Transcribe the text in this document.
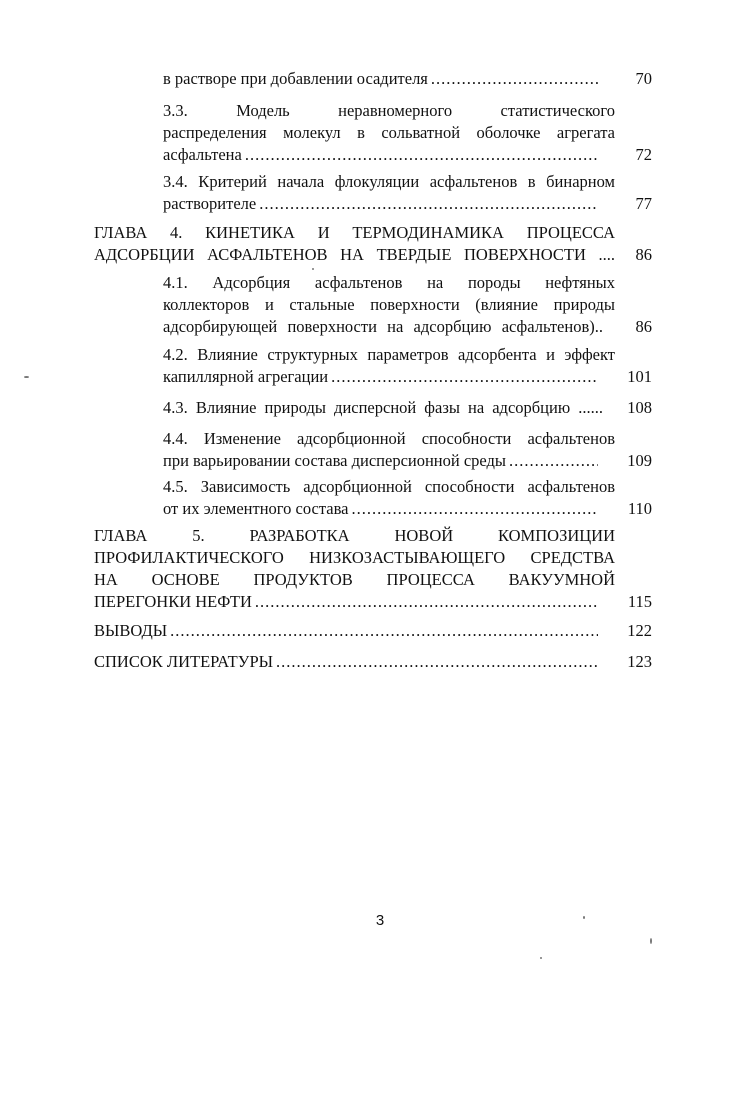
в растворе при добавлении осадителя .....	70
3.3. Модель неравномерного статистического
распределения молекул в сольватной оболочке агрегата
асфальтена .....	72
3.4. Критерий начала флокуляции асфальтенов в бинарном
растворителе .....	77
ГЛАВА 4. КИНЕТИКА И ТЕРМОДИНАМИКА ПРОЦЕССА
АДСОРБЦИИ АСФАЛЬТЕНОВ НА ТВЕРДЫЕ ПОВЕРХНОСТИ ....	86
4.1. Адсорбция асфальтенов на породы нефтяных
коллекторов и стальные поверхности (влияние природы
адсорбирующей поверхности на адсорбцию асфальтенов)..	86
4.2. Влияние структурных параметров адсорбента и эффект
капиллярной агрегации .....	101
4.3. Влияние природы дисперсной фазы на адсорбцию ......	108
4.4. Изменение адсорбционной способности асфальтенов
при варьировании состава дисперсионной среды .....	109
4.5. Зависимость адсорбционной способности асфальтенов
от их элементного состава .....	110
ГЛАВА 5. РАЗРАБОТКА НОВОЙ КОМПОЗИЦИИ
ПРОФИЛАКТИЧЕСКОГО НИЗКОЗАСТЫВАЮЩЕГО СРЕДСТВА
НА ОСНОВЕ ПРОДУКТОВ ПРОЦЕССА ВАКУУМНОЙ
ПЕРЕГОНКИ НЕФТИ .....	115
ВЫВОДЫ .....	122
СПИСОК ЛИТЕРАТУРЫ .....	123
3
